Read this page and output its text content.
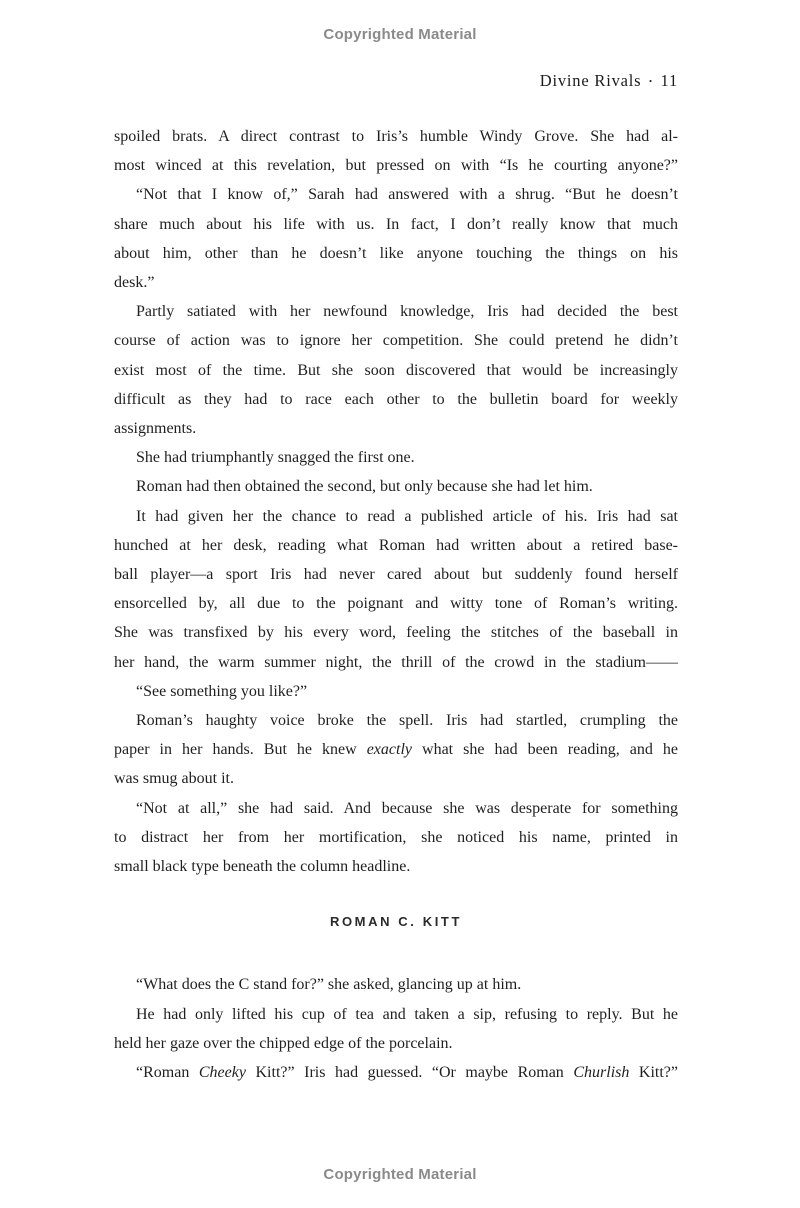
Copyrighted Material
Divine Rivals · 11
spoiled brats. A direct contrast to Iris’s humble Windy Grove. She had al-
most winced at this revelation, but pressed on with “Is he courting anyone?”
“Not that I know of,” Sarah had answered with a shrug. “But he doesn’t
share much about his life with us. In fact, I don’t really know that much
about him, other than he doesn’t like anyone touching the things on his
desk.”
Partly satiated with her newfound knowledge, Iris had decided the best
course of action was to ignore her competition. She could pretend he didn’t
exist most of the time. But she soon discovered that would be increasingly
difficult as they had to race each other to the bulletin board for weekly
assignments.
She had triumphantly snagged the first one.
Roman had then obtained the second, but only because she had let him.
It had given her the chance to read a published article of his. Iris had sat
hunched at her desk, reading what Roman had written about a retired base-
ball player—a sport Iris had never cared about but suddenly found herself
ensorcelled by, all due to the poignant and witty tone of Roman’s writing.
She was transfixed by his every word, feeling the stitches of the baseball in
her hand, the warm summer night, the thrill of the crowd in the stadium——
“See something you like?”
Roman’s haughty voice broke the spell. Iris had startled, crumpling the
paper in her hands. But he knew exactly what she had been reading, and he
was smug about it.
“Not at all,” she had said. And because she was desperate for something
to distract her from her mortification, she noticed his name, printed in
small black type beneath the column headline.
ROMAN C. KITT
“What does the C stand for?” she asked, glancing up at him.
He had only lifted his cup of tea and taken a sip, refusing to reply. But he
held her gaze over the chipped edge of the porcelain.
“Roman Cheeky Kitt?” Iris had guessed. “Or maybe Roman Churlish Kitt?”
Copyrighted Material
